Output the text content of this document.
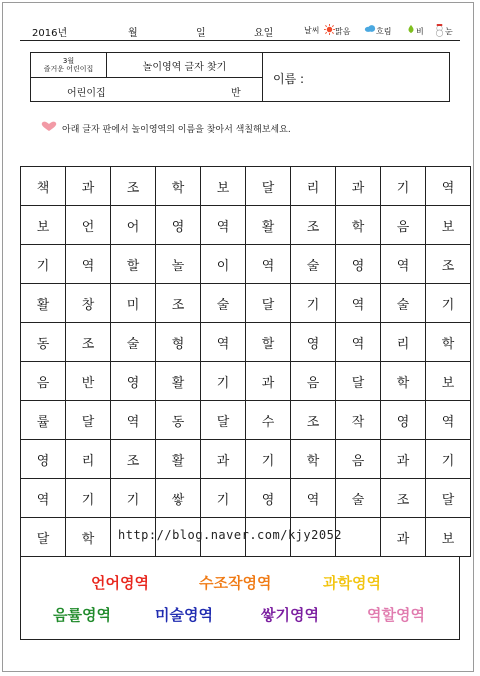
2016년	월	일	요일	날씨 맑음	흐림	비	눈
3월
즐거운 어린이집	놀이영역 글자 찾기
어린이집	반
이름 :
아래 글자 판에서 놀이영역의 이름을 찾아서 색칠해보세요.
책	과	조	학	보	달	리	과	기	역
보	언	어	영	역	활	조	학	음	보
기	역	할	놀	이	역	술	영	역	조
활	창	미	조	술	달	기	역	술	기
동	조	술	형	역	할	영	역	리	학
음	반	영	활	기	과	음	달	학	보
률	달	역	동	달	수	조	작	영	역
영	리	조	활	과	기	학	음	과	기
역	기	기	쌓	기	영	역	술	조	달
달	학							과	보
http://blog.naver.com/kjy2052
언어영역	수조작영역	과학영역
음률영역	미술영역	쌓기영역	역할영역
